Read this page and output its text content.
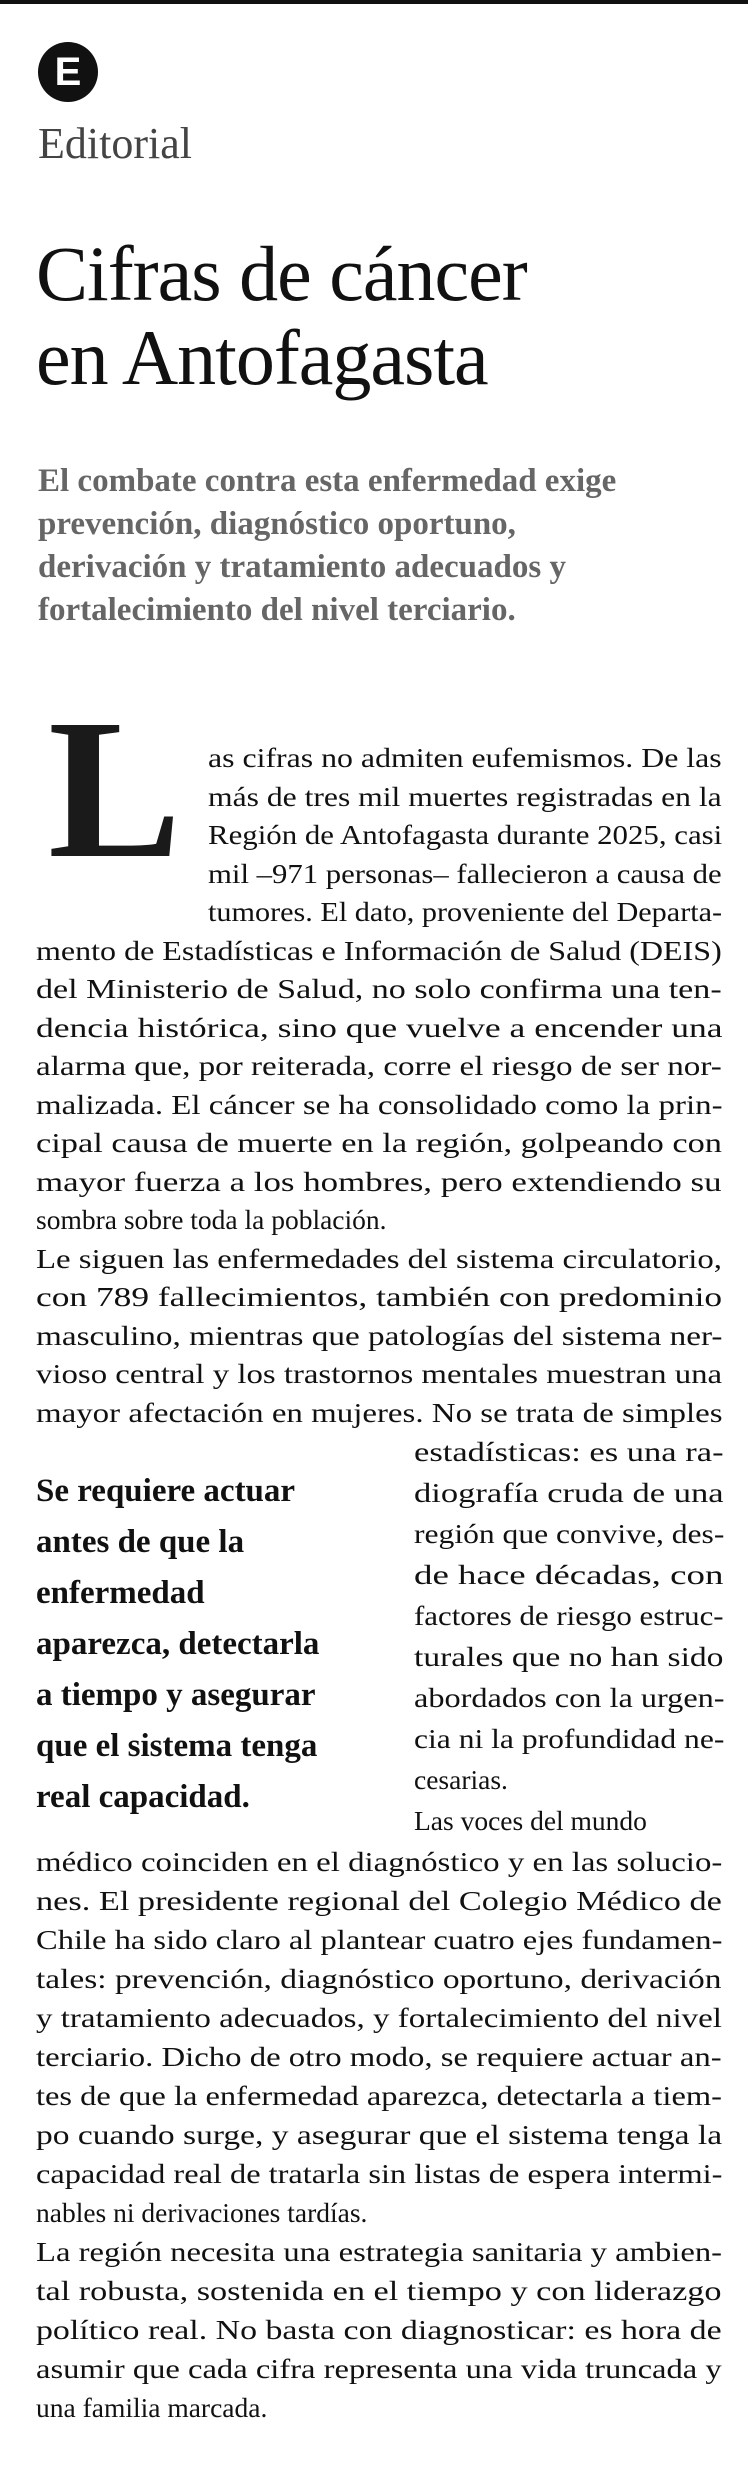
E
Editorial
Cifras de cáncer
en Antofagasta
El combate contra esta enfermedad exige
prevención, diagnóstico oportuno,
derivación y tratamiento adecuados y
fortalecimiento del nivel terciario.
L as cifras no admiten eufemismos. De las
más de tres mil muertes registradas en la
Región de Antofagasta durante 2025, casi
mil –971 personas– fallecieron a causa de
tumores. El dato, proveniente del Departa-
mento de Estadísticas e Información de Salud (DEIS)
del Ministerio de Salud, no solo confirma una ten-
dencia histórica, sino que vuelve a encender una
alarma que, por reiterada, corre el riesgo de ser nor-
malizada. El cáncer se ha consolidado como la prin-
cipal causa de muerte en la región, golpeando con
mayor fuerza a los hombres, pero extendiendo su
sombra sobre toda la población.
Le siguen las enfermedades del sistema circulatorio,
con 789 fallecimientos, también con predominio
masculino, mientras que patologías del sistema ner-
vioso central y los trastornos mentales muestran una
mayor afectación en mujeres. No se trata de simples
estadísticas: es una ra-
diografía cruda de una
región que convive, des-
de hace décadas, con
factores de riesgo estruc-
turales que no han sido
abordados con la urgen-
cia ni la profundidad ne-
cesarias.
Las voces del mundo
médico coinciden en el diagnóstico y en las solucio-
nes. El presidente regional del Colegio Médico de
Chile ha sido claro al plantear cuatro ejes fundamen-
tales: prevención, diagnóstico oportuno, derivación
y tratamiento adecuados, y fortalecimiento del nivel
terciario. Dicho de otro modo, se requiere actuar an-
tes de que la enfermedad aparezca, detectarla a tiem-
po cuando surge, y asegurar que el sistema tenga la
capacidad real de tratarla sin listas de espera intermi-
nables ni derivaciones tardías.
La región necesita una estrategia sanitaria y ambien-
tal robusta, sostenida en el tiempo y con liderazgo
político real. No basta con diagnosticar: es hora de
asumir que cada cifra representa una vida truncada y
una familia marcada.
Se requiere actuar
antes de que la
enfermedad
aparezca, detectarla
a tiempo y asegurar
que el sistema tenga
real capacidad.
